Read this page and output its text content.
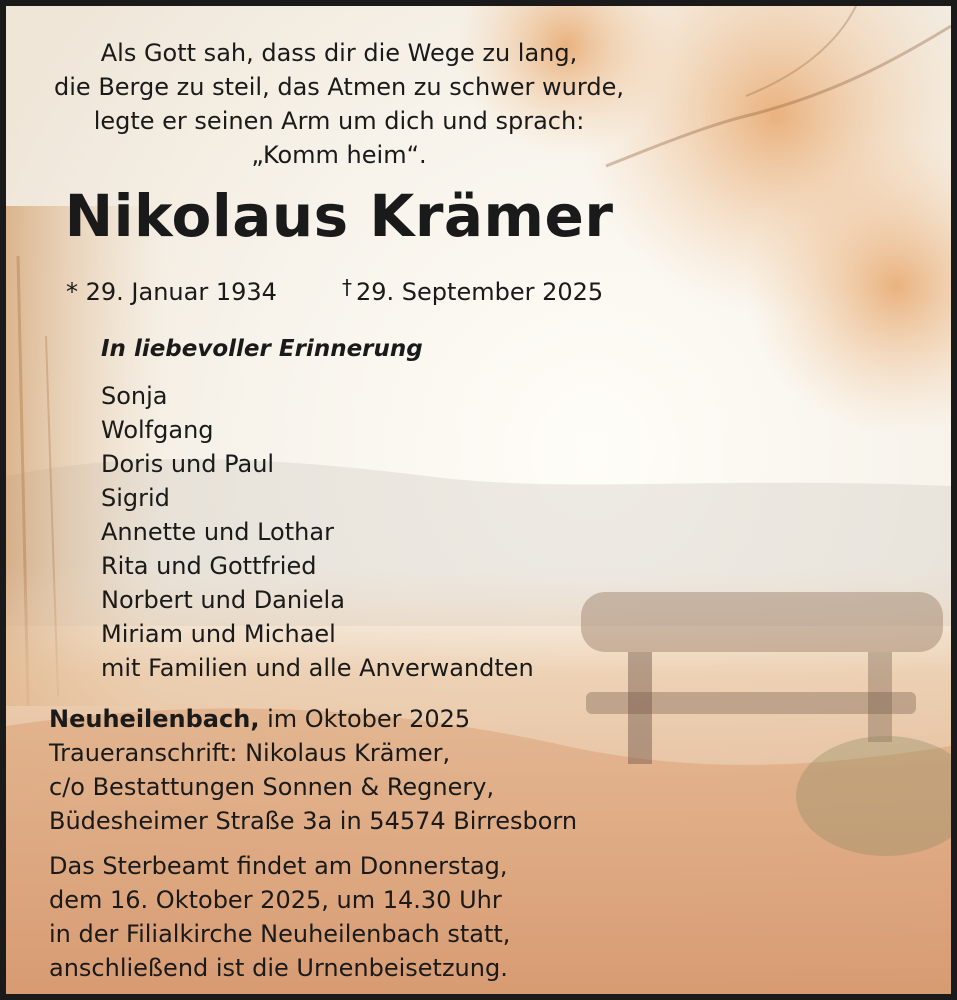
Als Gott sah, dass dir die Wege zu lang,
die Berge zu steil, das Atmen zu schwer wurde,
legte er seinen Arm um dich und sprach:
„Komm heim“.
Nikolaus Krämer
* 29. Januar 1934	† 29. September 2025
In liebevoller Erinnerung
Sonja
Wolfgang
Doris und Paul
Sigrid
Annette und Lothar
Rita und Gottfried
Norbert und Daniela
Miriam und Michael
mit Familien und alle Anverwandten
Neuheilenbach, im Oktober 2025
Traueranschrift: Nikolaus Krämer,
c/o Bestattungen Sonnen & Regnery,
Büdesheimer Straße 3a in 54574 Birresborn
Das Sterbeamt findet am Donnerstag,
dem 16. Oktober 2025, um 14.30 Uhr
in der Filialkirche Neuheilenbach statt,
anschließend ist die Urnenbeisetzung.
